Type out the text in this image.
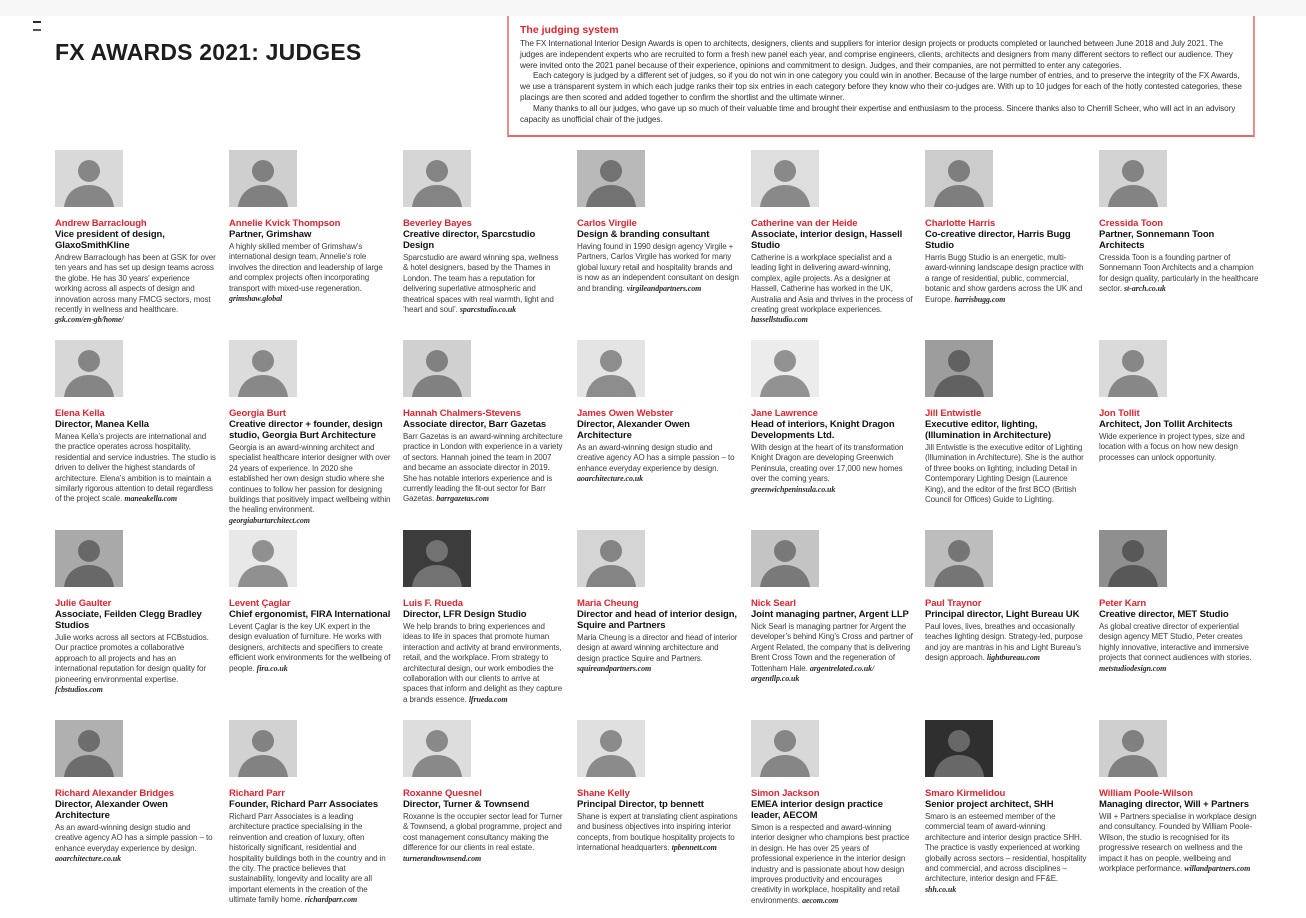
FX AWARDS 2021: JUDGES
The judging system

The FX International Interior Design Awards is open to architects, designers, clients and suppliers for interior design projects or products completed or launched between June 2018 and July 2021. The judges are independent experts who are recruited to form a fresh new panel each year, and comprise engineers, clients, architects and designers from many different sectors to reflect our audience. They were invited onto the 2021 panel because of their experience, opinions and commitment to design. Judges, and their companies, are not permitted to enter any categories.

Each category is judged by a different set of judges, so if you do not win in one category you could win in another. Because of the large number of entries, and to preserve the integrity of the FX Awards, we use a transparent system in which each judge ranks their top six entries in each category before they know who their co-judges are. With up to 10 judges for each of the hotly contested categories, these placings are then scored and added together to confirm the shortlist and the ultimate winner.

Many thanks to all our judges, who gave up so much of their valuable time and brought their expertise and enthusiasm to the process. Sincere thanks also to Cherrill Scheer, who will act in an advisory capacity as unofficial chair of the judges.

Andrew Barraclough
Vice president of design, GlaxoSmithKline
Andrew Barraclough has been at GSK for over ten years and has set up design teams across the globe. He has 30 years’ experience working across all aspects of design and innovation across many FMCG sectors, most recently in wellness and healthcare. gsk.com/en-gb/home/
Annelie Kvick Thompson
Partner, Grimshaw
A highly skilled member of Grimshaw’s international design team, Annelie’s role involves the direction and leadership of large and complex projects often incorporating transport with mixed-use regeneration. grimshaw.global
Beverley Bayes
Creative director, Sparcstudio Design
Sparcstudio are award winning spa, wellness & hotel designers, based by the Thames in London. The team has a reputation for delivering superlative atmospheric and theatrical spaces with real warmth, light and ‘heart and soul’. sparcstudio.co.uk
Carlos Virgile
Design & branding consultant
Having found in 1990 design agency Virgile + Partners, Carlos Virgile has worked for many global luxury retail and hospitality brands and is now as an independent consultant on design and branding. virgileandpartners.com
Catherine van der Heide
Associate, interior design, Hassell Studio
Catherine is a workplace specialist and a leading light in delivering award-winning, complex, agile projects. As a designer at Hassell, Catherine has worked in the UK, Australia and Asia and thrives in the process of creating great workplace experiences. hassellstudio.com
Charlotte Harris
Co-creative director, Harris Bugg Studio
Harris Bugg Studio is an energetic, multi-award-winning landscape design practice with a range of residential, public, commercial, botanic and show gardens across the UK and Europe. harrisbugg.com
Cressida Toon
Partner, Sonnemann Toon Architects
Cressida Toon is a founding partner of Sonnemann Toon Architects and a champion for design quality, particularly in the healthcare sector. st-arch.co.uk
Elena Kella
Director, Manea Kella
Manea Kella’s projects are international and the practice operates across hospitality, residential and service industries. The studio is driven to deliver the highest standards of architecture. Elena’s ambition is to maintain a similarly rigorous attention to detail regardless of the project scale. maneakella.com
Georgia Burt
Creative director + founder, design studio, Georgia Burt Architecture
Georgia is an award-winning architect and specialist healthcare interior designer with over 24 years of experience. In 2020 she established her own design studio where she continues to follow her passion for designing buildings that positively impact wellbeing within the healing environment. georgiaburtarchitect.com
Hannah Chalmers-Stevens
Associate director, Barr Gazetas
Barr Gazetas is an award-winning architecture practice in London with experience in a variety of sectors. Hannah joined the team in 2007 and became an associate director in 2019. She has notable interiors experience and is currently leading the fit-out sector for Barr Gazetas. barrgazetas.com
James Owen Webster
Director, Alexander Owen Architecture
As an award-winning design studio and creative agency AO has a simple passion – to enhance everyday experience by design. aoarchitecture.co.uk
Jane Lawrence
Head of interiors, Knight Dragon Developments Ltd.
With design at the heart of its transformation Knight Dragon are developing Greenwich Peninsula, creating over 17,000 new homes over the coming years. greenwichpeninsula.co.uk
Jill Entwistle
Executive editor, lighting, (Illumination in Architecture)
Jill Entwistle is the executive editor of Lighting (Illumination in Architecture). She is the author of three books on lighting, including Detail in Contemporary Lighting Design (Laurence King), and the editor of the first BCO (British Council for Offices) Guide to Lighting.
Jon Tollit
Architect, Jon Tollit Architects
Wide experience in project types, size and location with a focus on how new design processes can unlock opportunity.
Julie Gaulter
Associate, Feilden Clegg Bradley Studios
Julie works across all sectors at FCBstudios. Our practice promotes a collaborative approach to all projects and has an international reputation for design quality for pioneering environmental expertise. fcbstudios.com
Levent Çaglar
Chief ergonomist, FIRA International
Levent Çaglar is the key UK expert in the design evaluation of furniture. He works with designers, architects and specifiers to create efficient work environments for the wellbeing of people. fira.co.uk
Luis F. Rueda
Director, LFR Design Studio
We help brands to bring experiences and ideas to life in spaces that promote human interaction and activity at brand environments, retail, and the workplace. From strategy to architectural design, our work embodies the collaboration with our clients to arrive at spaces that inform and delight as they capture a brands essence. lfrueda.com
Maria Cheung
Director and head of interior design, Squire and Partners
Maria Cheung is a director and head of interior design at award winning architecture and design practice Squire and Partners. squireandpartners.com
Nick Searl
Joint managing partner, Argent LLP
Nick Searl is managing partner for Argent the developer’s behind King’s Cross and partner of Argent Related, the company that is delivering Brent Cross Town and the regeneration of Tottenham Hale. argentrelated.co.uk/ argentllp.co.uk
Paul Traynor
Principal director, Light Bureau UK
Paul loves, lives, breathes and occasionally teaches lighting design. Strategy-led, purpose and joy are mantras in his and Light Bureau’s design approach. lightbureau.com
Peter Karn
Creative director, MET Studio
As global creative director of experiential design agency MET Studio, Peter creates highly innovative, interactive and immersive projects that connect audiences with stories. metstudiodesign.com
Richard Alexander Bridges
Director, Alexander Owen Architecture
As an award-winning design studio and creative agency AO has a simple passion – to enhance everyday experience by design. aoarchitecture.co.uk
Richard Parr
Founder, Richard Parr Associates
Richard Parr Associates is a leading architecture practice specialising in the reinvention and creation of luxury, often historically significant, residential and hospitality buildings both in the country and in the city. The practice believes that sustainability, longevity and locality are all important elements in the creation of the ultimate family home. richardparr.com
Roxanne Quesnel
Director, Turner & Townsend
Roxanne is the occupier sector lead for Turner & Townsend, a global programme, project and cost management consultancy making the difference for our clients in real estate. turnerandtownsend.com
Shane Kelly
Principal Director, tp bennett
Shane is expert at translating client aspirations and business objectives into inspiring interior concepts, from boutique hospitality projects to international headquarters. tpbennett.com
Simon Jackson
EMEA interior design practice leader, AECOM
Simon is a respected and award-winning interior designer who champions best practice in design. He has over 25 years of professional experience in the interior design industry and is passionate about how design improves productivity and encourages creativity in workplace, hospitality and retail environments. aecom.com
Smaro Kirmelidou
Senior project architect, SHH
Smaro is an esteemed member of the commercial team of award-winning architecture and interior design practice SHH. The practice is vastly experienced at working globally across sectors – residential, hospitality and commercial, and across disciplines – architecture, interior design and FF&E. shh.co.uk
William Poole-Wilson
Managing director, Will + Partners
Will + Partners specialise in workplace design and consultancy. Founded by William Poole-Wilson, the studio is recognised for its progressive research on wellness and the impact it has on people, wellbeing and workplace performance. willandpartners.com
